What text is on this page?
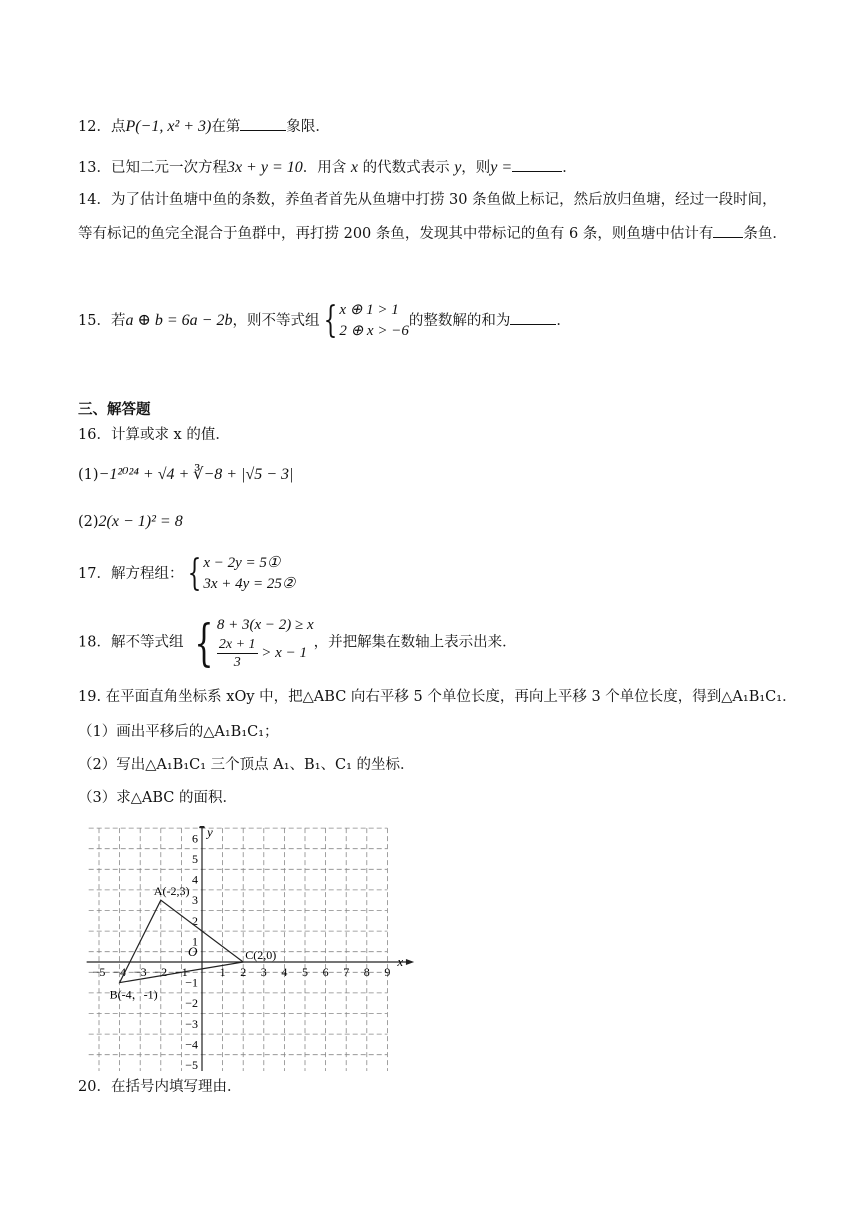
12．点P(−1, x² + 3)在第	象限．
13．已知二元一次方程3x + y = 10．用含 x 的代数式表示 y，则y =	．
14．为了估计鱼塘中鱼的条数，养鱼者首先从鱼塘中打捞 30 条鱼做上标记，然后放归鱼塘，经过一段时间，等有标记的鱼完全混合于鱼群中，再打捞 200 条鱼，发现其中带标记的鱼有 6 条，则鱼塘中估计有 条鱼．
15．若a ⊕ b = 6a − 2b，则不等式组 { x ⊕ 1 > 1
2 ⊕ x > −6的整数解的和为	．
三、解答题
16．计算或求 x 的值．
(1)−1²⁰²⁴ + √4 + ∛−8 + |√5 − 3|
(2)2(x − 1)² = 8
17．解方程组： { x − 2y = 5①
3x + 4y = 25②
18．解不等式组 { 8 + 3(x − 2) ≥ x

$\frac{2x + 1}{3} > x - 1$，并把解集在数轴上表示出来．
19. 在平面直角坐标系 xOy 中，把△ABC 向右平移 5 个单位长度，再向上平移 3 个单位长度，得到△A₁B₁C₁．
（1）画出平移后的△A₁B₁C₁；
（2）写出△A₁B₁C₁ 三个顶点 A₁、B₁、C₁ 的坐标．
（3）求△ABC 的面积．
−5 −4 −3 −2 −1	1 2 3 4 5 6 7 8 9
6
5
4
3
2
1
−1
−2
−3
−4
−5
x
y
O
A(-2,3)
B(-4，-1)
C(2,0)
20．在括号内填写理由．
